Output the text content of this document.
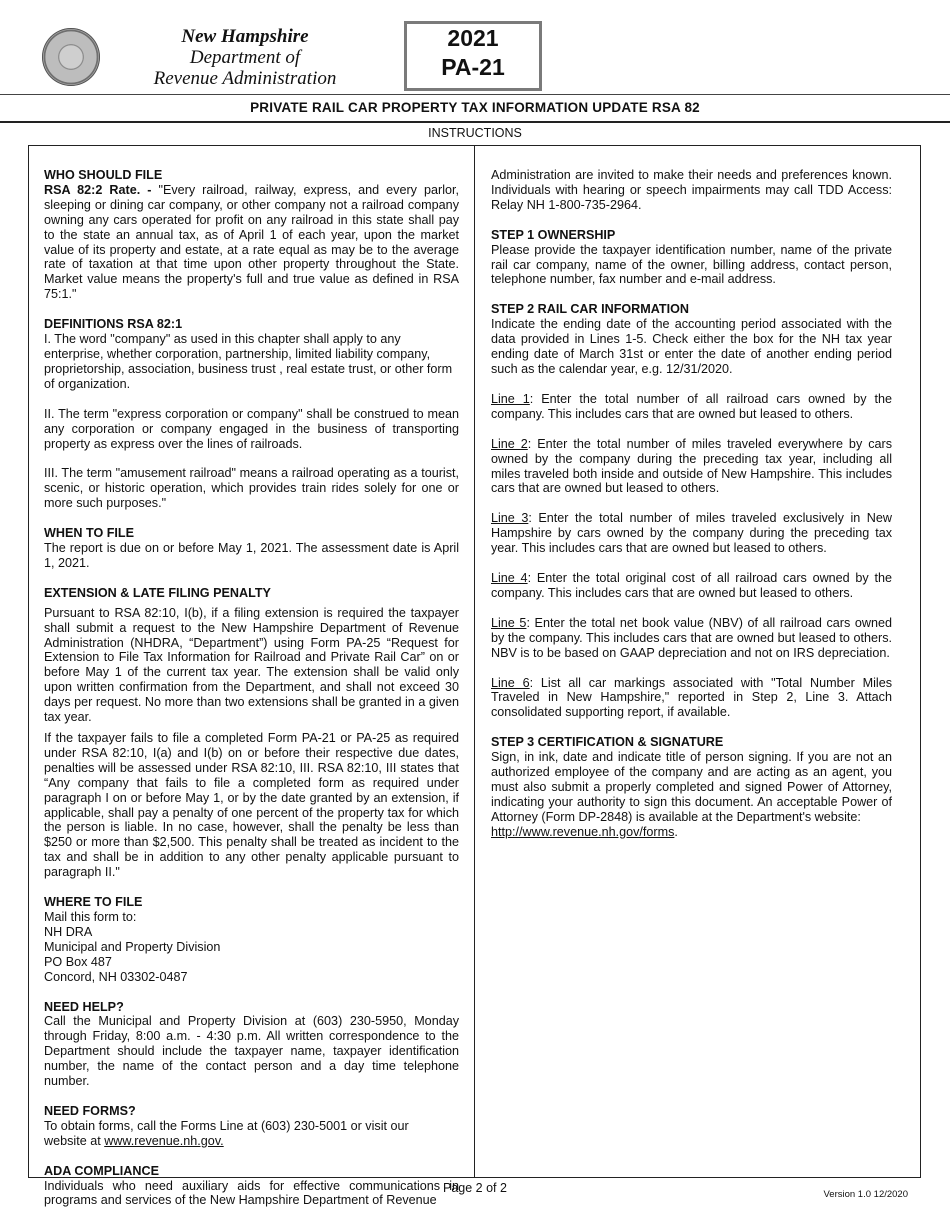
New Hampshire
Department of
Revenue Administration
2021
PA-21
PRIVATE RAIL CAR PROPERTY TAX INFORMATION UPDATE RSA 82
INSTRUCTIONS
WHO SHOULD FILE

RSA 82:2 Rate. - "Every railroad, railway, express, and every parlor, sleeping or dining car company, or other company not a railroad company owning any cars operated for profit on any railroad in this state shall pay to the state an annual tax, as of April 1 of each year, upon the market value of its property and estate, at a rate equal as may be to the average rate of taxation at that time upon other property throughout the State. Market value means the property's full and true value as defined in RSA 75:1."

DEFINITIONS RSA 82:1

I. The word "company" as used in this chapter shall apply to any enterprise, whether corporation, partnership, limited liability company, proprietorship, association, business trust , real estate trust, or other form of organization.

II. The term "express corporation or company" shall be construed to mean any corporation or company engaged in the business of transporting property as express over the lines of railroads.

III. The term "amusement railroad" means a railroad operating as a tourist, scenic, or historic operation, which provides train rides solely for one or more such purposes."

WHEN TO FILE

The report is due on or before May 1, 2021. The assessment date is April 1, 2021.

EXTENSION & LATE FILING PENALTY

Pursuant to RSA 82:10, I(b), if a filing extension is required the taxpayer shall submit a request to the New Hampshire Department of Revenue Administration (NHDRA, “Department”) using Form PA-25 “Request for Extension to File Tax Information for Railroad and Private Rail Car” on or before May 1 of the current tax year. The extension shall be valid only upon written confirmation from the Department, and shall not exceed 30 days per request. No more than two extensions shall be granted in a given tax year.

If the taxpayer fails to file a completed Form PA-21 or PA-25 as required under RSA 82:10, I(a) and I(b) on or before their respective due dates, penalties will be assessed under RSA 82:10, III. RSA 82:10, III states that “Any company that fails to file a completed form as required under paragraph I on or before May 1, or by the date granted by an extension, if applicable, shall pay a penalty of one percent of the property tax for which the person is liable. In no case, however, shall the penalty be less than $250 or more than $2,500. This penalty shall be treated as incident to the tax and shall be in addition to any other penalty applicable pursuant to paragraph II."

WHERE TO FILE
Mail this form to:
NH DRA
Municipal and Property Division
PO Box 487
Concord, NH 03302-0487
NEED HELP?

Call the Municipal and Property Division at (603) 230-5950, Monday through Friday, 8:00 a.m. - 4:30 p.m. All written correspondence to the Department should include the taxpayer name, taxpayer identification number, the name of the contact person and a day time telephone number.

NEED FORMS?
To obtain forms, call the Forms Line at (603) 230-5001 or visit our
website at www.revenue.nh.gov.
ADA COMPLIANCE

Individuals who need auxiliary aids for effective communications in programs and services of the New Hampshire Department of Revenue

Administration are invited to make their needs and preferences known. Individuals with hearing or speech impairments may call TDD Access: Relay NH 1-800-735-2964.

STEP 1 OWNERSHIP

Please provide the taxpayer identification number, name of the private rail car company, name of the owner, billing address, contact person, telephone number, fax number and e-mail address.

STEP 2 RAIL CAR INFORMATION

Indicate the ending date of the accounting period associated with the data provided in Lines 1-5. Check either the box for the NH tax year ending date of March 31st or enter the date of another ending period such as the calendar year, e.g. 12/31/2020.

Line 1: Enter the total number of all railroad cars owned by the company. This includes cars that are owned but leased to others.

Line 2: Enter the total number of miles traveled everywhere by cars owned by the company during the preceding tax year, including all miles traveled both inside and outside of New Hampshire. This includes cars that are owned but leased to others.

Line 3: Enter the total number of miles traveled exclusively in New Hampshire by cars owned by the company during the preceding tax year. This includes cars that are owned but leased to others.

Line 4: Enter the total original cost of all railroad cars owned by the company. This includes cars that are owned but leased to others.

Line 5: Enter the total net book value (NBV) of all railroad cars owned by the company. This includes cars that are owned but leased to others. NBV is to be based on GAAP depreciation and not on IRS depreciation.

Line 6: List all car markings associated with "Total Number Miles Traveled in New Hampshire," reported in Step 2, Line 3. Attach consolidated supporting report, if available.

STEP 3 CERTIFICATION & SIGNATURE

Sign, in ink, date and indicate title of person signing. If you are not an authorized employee of the company and are acting as an agent, you must also submit a properly completed and signed Power of Attorney, indicating your authority to sign this document. An acceptable Power of Attorney (Form DP-2848) is available at the Department's website:
http://www.revenue.nh.gov/forms.

Page 2 of 2	Version 1.0 12/2020
